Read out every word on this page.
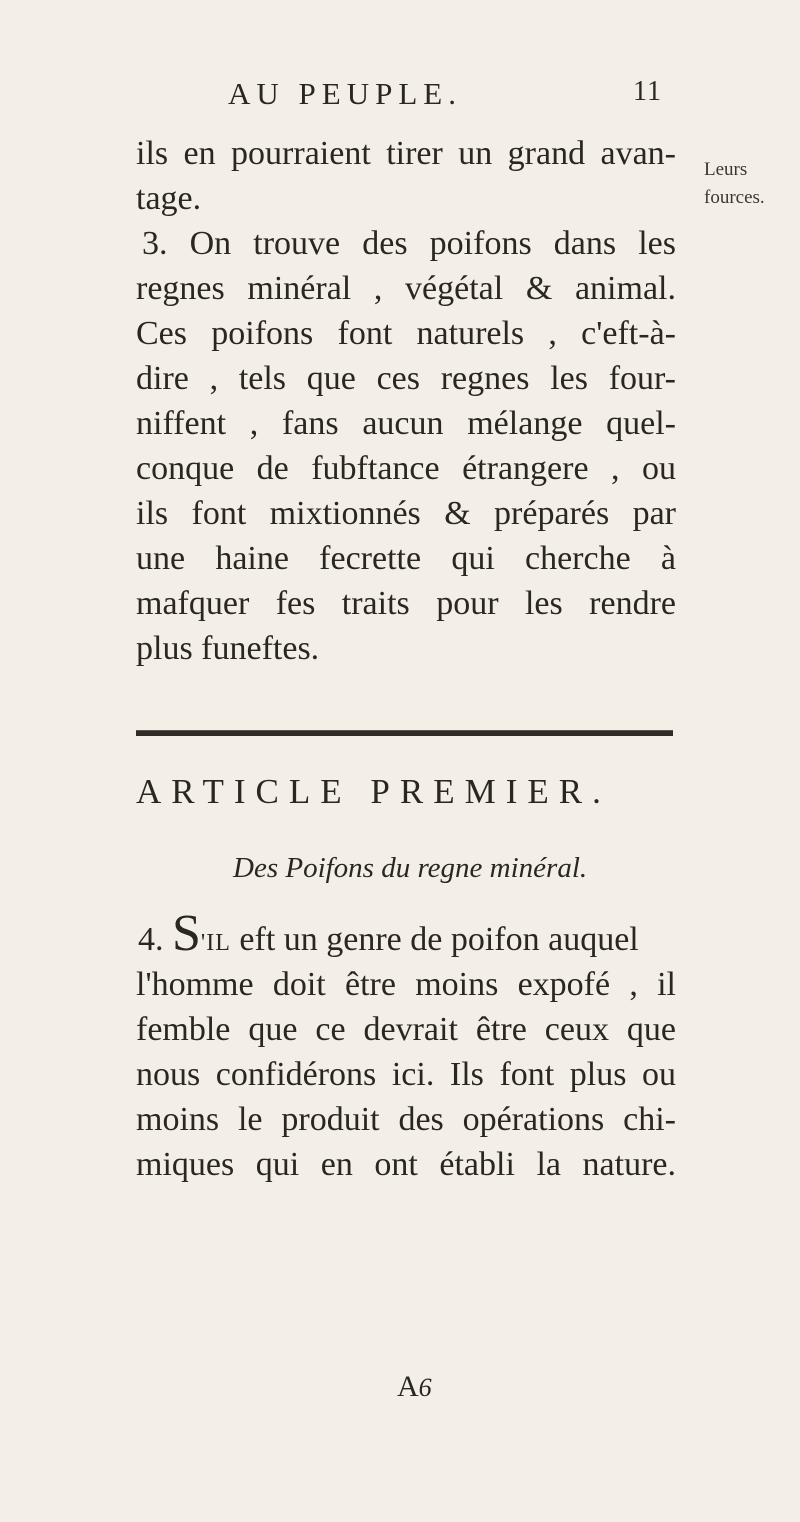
AU PEUPLE.	11
Leurs
fources.
ils en pourraient tirer un grand avan-
tage.
3. On trouve des poifons dans les
regnes minéral , végétal & animal.
Ces poifons font naturels , c'eft-à-
dire , tels que ces regnes les four-
niffent , fans aucun mélange quel-
conque de fubftance étrangere , ou
ils font mixtionnés & préparés par
une haine fecrette qui cherche à
mafquer fes traits pour les rendre
plus funeftes.
ARTICLE PREMIER.
Des Poifons du regne minéral.
4. S'IL eft un genre de poifon auquel
l'homme doit être moins expofé , il
femble que ce devrait être ceux que
nous confidérons ici. Ils font plus ou
moins le produit des opérations chi-
miques qui en ont établi la nature.
A6
